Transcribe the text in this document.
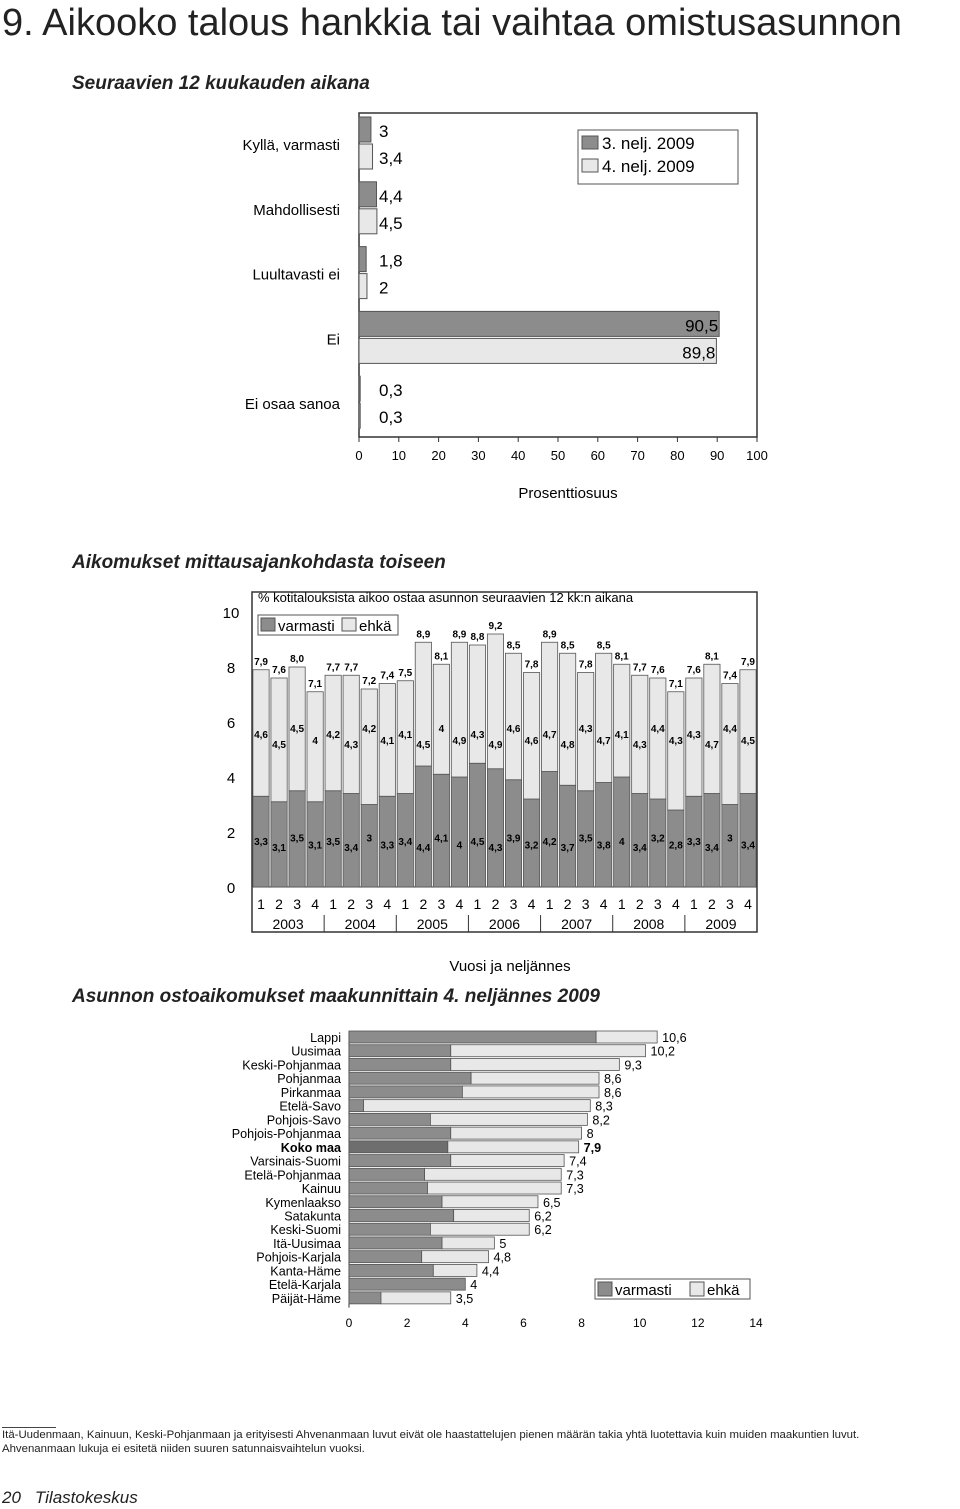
9. Aikooko talous hankkia tai vaihtaa omistusasunnon
Seuraavien 12 kuukauden aikana
Aikomukset mittausajankohdasta toiseen
Asunnon ostoaikomukset maakunnittain 4. neljännes 2009
Kyllä, varmasti
3
3,4
Mahdollisesti
4,4
4,5
Luultavasti ei
1,8
2
Ei
90,5
89,8
Ei osaa sanoa
0,3
0,3
0 10 20 30 40 50 60 70 80 90 100
Prosenttiosuus
3. nelj. 2009
4. nelj. 2009
0
2
4
6
8
10
% kotitalouksista aikoo ostaa asunnon seuraavien 12 kk:n aikana
3,3
4,6
7,9
1
3,1
4,5
7,6
2
3,5
4,5
8,0
3
3,1
4
7,1
4
3,5
4,2
7,7
1
3,4
4,3
7,7
2
3
4,2
7,2
3
3,3
4,1
7,4
4
3,4
4,1
7,5
1
4,4
4,5
8,9
2
4,1
4
8,1
3
4
4,9
8,9
4
4,5
4,3
8,8
1
4,3
4,9
9,2
2
3,9
4,6
8,5
3
3,2
4,6
7,8
4
4,2
4,7
8,9
1
3,7
4,8
8,5
2
3,5
4,3
7,8
3
3,8
4,7
8,5
4
4
4,1
8,1
1
3,4
4,3
7,7
2
3,2
4,4
7,6
3
2,8
4,3
7,1
4
3,3
4,3
7,6
1
3,4
4,7
8,1
2
3
4,4
7,4
3
3,4
4,5
7,9
4
2003	2004	2005	2006	2007	2008	2009
Vuosi ja neljännes
varmasti ehkä
Lappi	10,6
Uusimaa	10,2
Keski-Pohjanmaa	9,3
Pohjanmaa	8,6
Pirkanmaa	8,6
Etelä-Savo	8,3
Pohjois-Savo	8,2
Pohjois-Pohjanmaa	8
Koko maa	7,9
Varsinais-Suomi	7,4
Etelä-Pohjanmaa	7,3
Kainuu	7,3
Kymenlaakso	6,5
Satakunta	6,2
Keski-Suomi	6,2
Itä-Uusimaa	5
Pohjois-Karjala	4,8
Kanta-Häme	4,4
Etelä-Karjala	4
Päijät-Häme	3,5
0	2	4	6	8	10	12	14
varmasti ehkä
Itä-Uudenmaan, Kainuun, Keski-Pohjanmaan ja erityisesti Ahvenanmaan luvut eivät ole haastattelujen pienen määrän takia yhtä luotettavia kuin muiden maakuntien luvut.
Ahvenanmaan lukuja ei esitetä niiden suuren satunnaisvaihtelun vuoksi.
20 Tilastokeskus
